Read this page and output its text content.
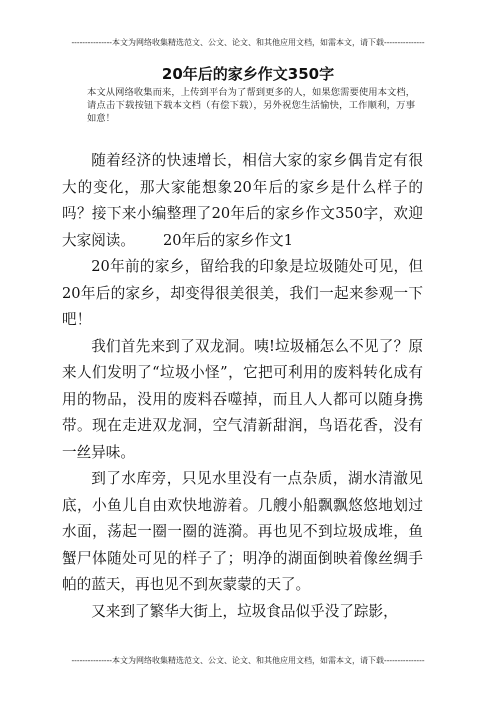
---------------本文为网络收集精选范文、公文、论文、和其他应用文档，如需本文，请下载---------------
20年后的家乡作文350字
本文从网络收集而来，上传到平台为了帮到更多的人，如果您需要使用本文档，请点击下载按钮下载本文档（有偿下载），另外祝您生活愉快，工作顺利，万事如意！

随着经济的快速增长，相信大家的家乡偶肯定有很大的变化，那大家能想象20年后的家乡是什么样子的吗？接下来小编整理了20年后的家乡作文350字，欢迎大家阅读。 20年后的家乡作文1

20年前的家乡，留给我的印象是垃圾随处可见，但20年后的家乡，却变得很美很美，我们一起来参观一下吧！

我们首先来到了双龙洞。咦!垃圾桶怎么不见了？原来人们发明了“垃圾小怪”，它把可利用的废料转化成有用的物品，没用的废料吞噬掉，而且人人都可以随身携带。现在走进双龙洞，空气清新甜润，鸟语花香，没有一丝异味。

到了水库旁，只见水里没有一点杂质，湖水清澈见底，小鱼儿自由欢快地游着。几艘小船飘飘悠悠地划过水面，荡起一圈一圈的涟漪。再也见不到垃圾成堆，鱼蟹尸体随处可见的样子了；明净的湖面倒映着像丝绸手帕的蓝天，再也见不到灰蒙蒙的天了。

又来到了繁华大街上，垃圾食品似乎没了踪影，

---------------本文为网络收集精选范文、公文、论文、和其他应用文档，如需本文，请下载---------------
